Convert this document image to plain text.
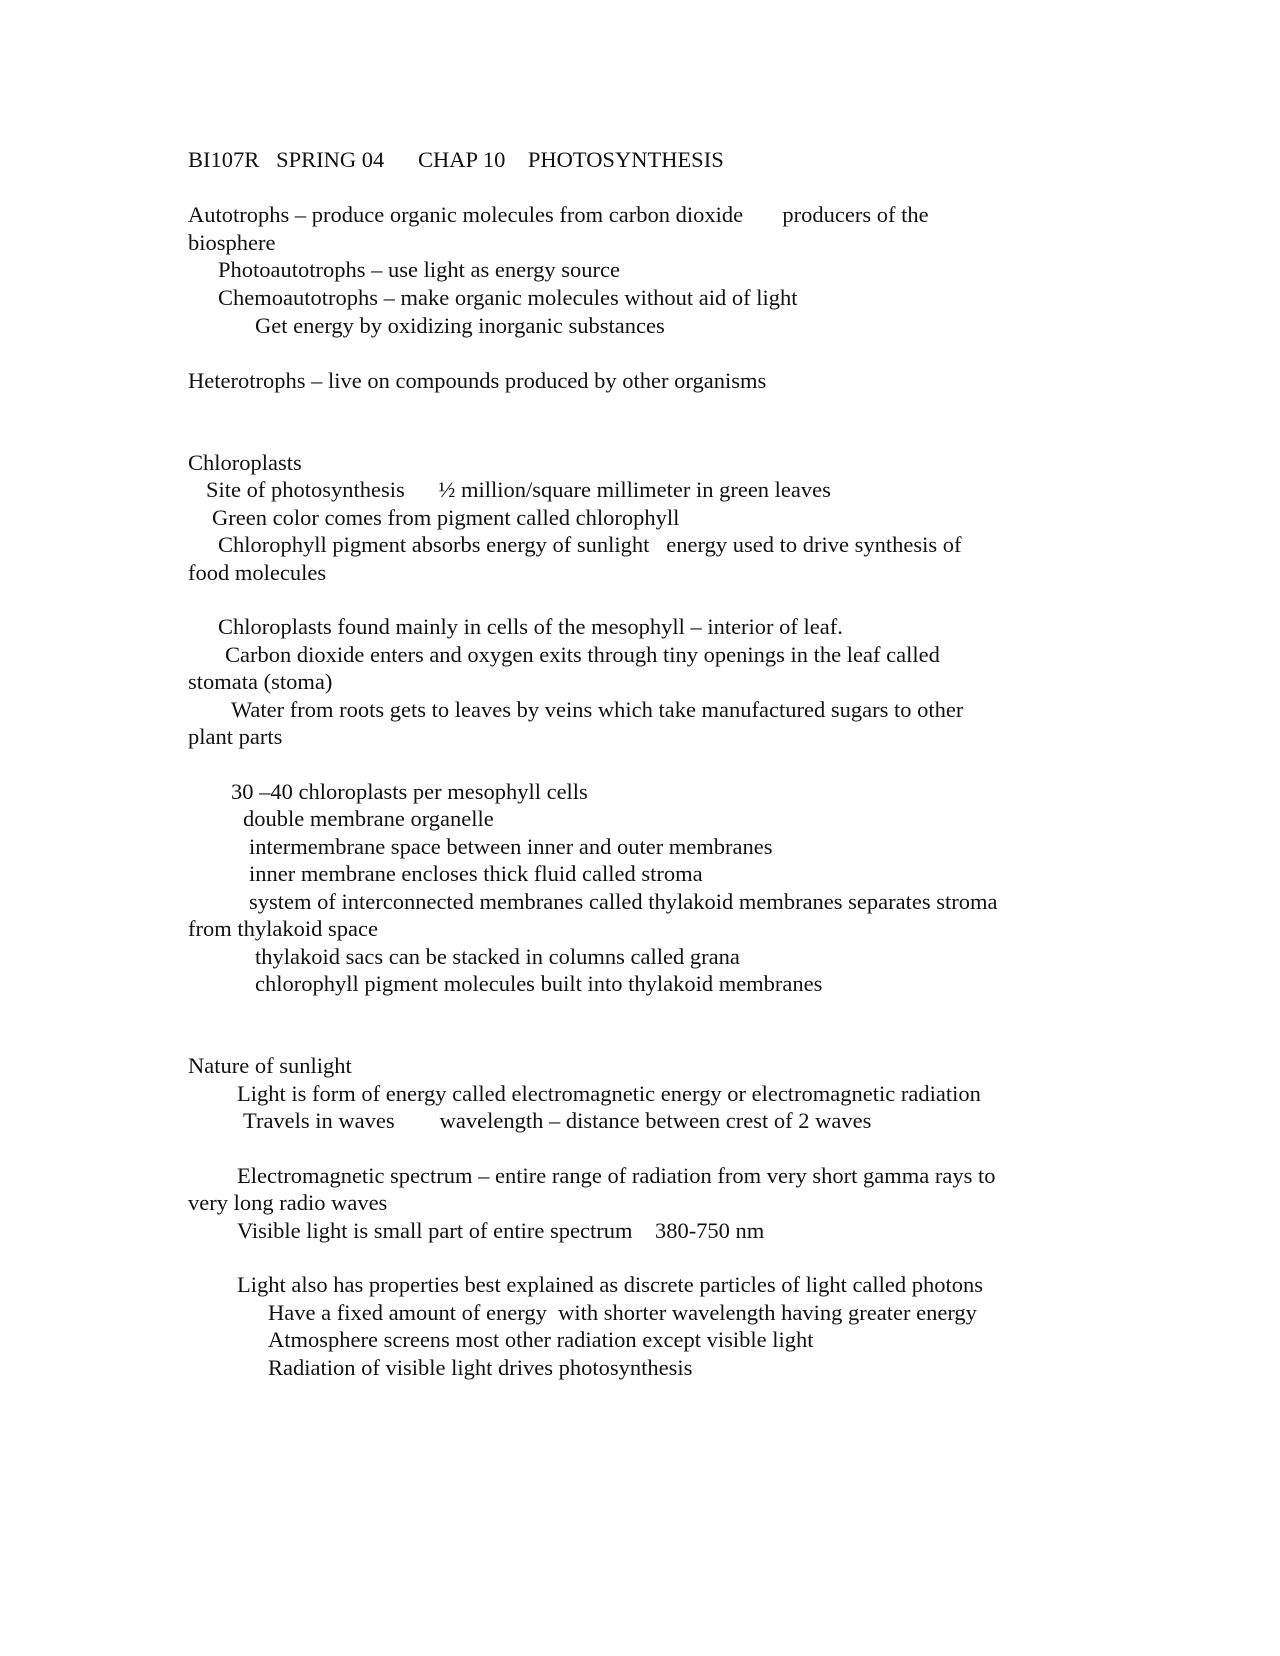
BI107R   SPRING 04      CHAP 10    PHOTOSYNTHESIS
Autotrophs – produce organic molecules from carbon dioxide       producers of the
biosphere
Photoautotrophs – use light as energy source
Chemoautotrophs – make organic molecules without aid of light
Get energy by oxidizing inorganic substances
Heterotrophs – live on compounds produced by other organisms
Chloroplasts
Site of photosynthesis      ½ million/square millimeter in green leaves
Green color comes from pigment called chlorophyll
Chlorophyll pigment absorbs energy of sunlight   energy used to drive synthesis of
food molecules
Chloroplasts found mainly in cells of the mesophyll – interior of leaf.
Carbon dioxide enters and oxygen exits through tiny openings in the leaf called
stomata (stoma)
Water from roots gets to leaves by veins which take manufactured sugars to other
plant parts
30 –40 chloroplasts per mesophyll cells
double membrane organelle
intermembrane space between inner and outer membranes
inner membrane encloses thick fluid called stroma
system of interconnected membranes called thylakoid membranes separates stroma
from thylakoid space
thylakoid sacs can be stacked in columns called grana
chlorophyll pigment molecules built into thylakoid membranes
Nature of sunlight
Light is form of energy called electromagnetic energy or electromagnetic radiation
Travels in waves        wavelength – distance between crest of 2 waves
Electromagnetic spectrum – entire range of radiation from very short gamma rays to
very long radio waves
Visible light is small part of entire spectrum    380-750 nm
Light also has properties best explained as discrete particles of light called photons
Have a fixed amount of energy  with shorter wavelength having greater energy
Atmosphere screens most other radiation except visible light
Radiation of visible light drives photosynthesis
